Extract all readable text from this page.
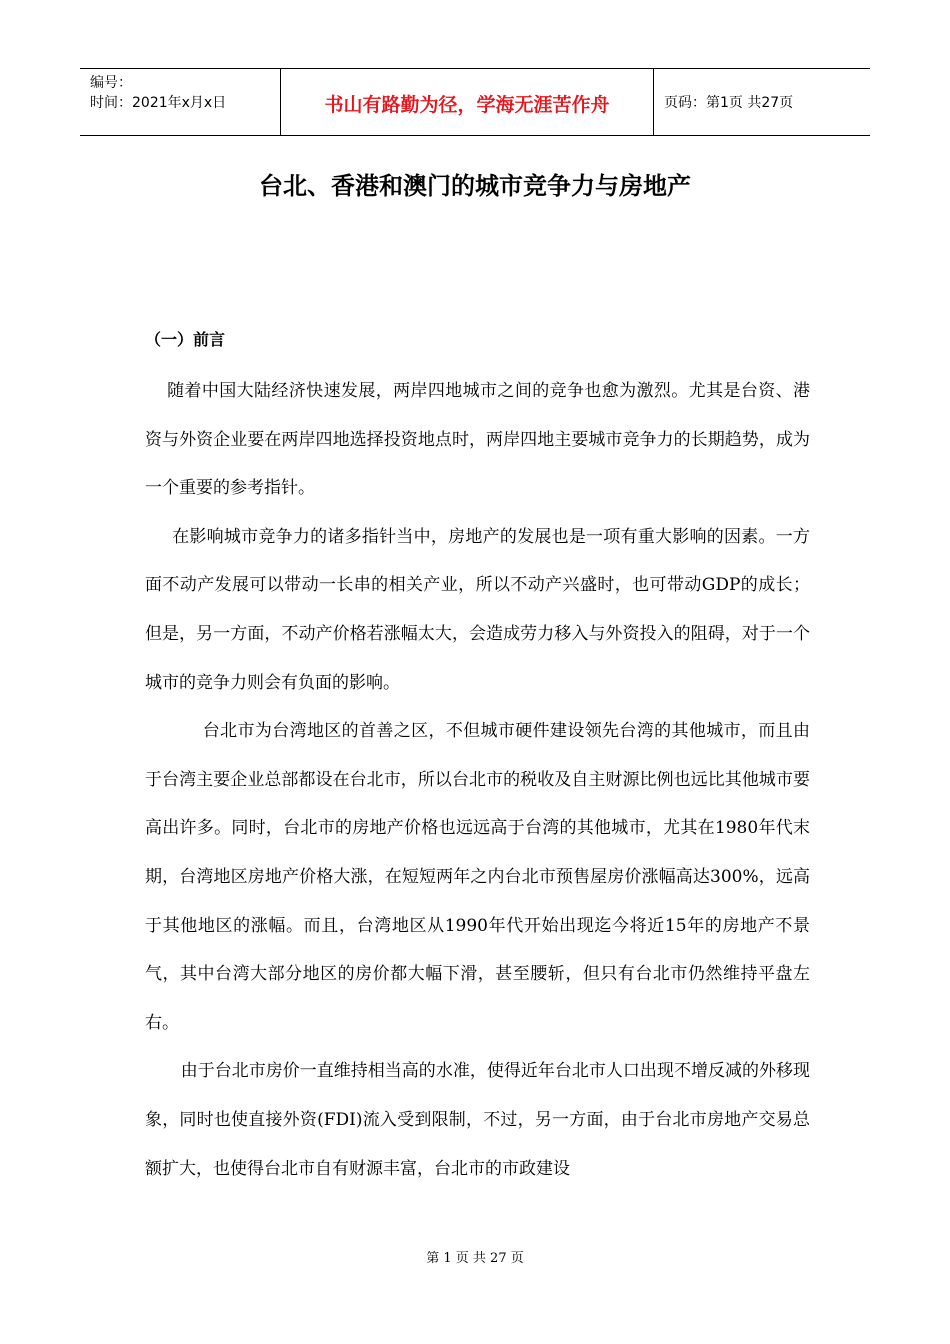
编号：
时间：2021年x月x日	书山有路勤为径，学海无涯苦作舟	页码：第1页 共27页
台北、香港和澳门的城市竞争力与房地产
（一）前言

随着中国大陆经济快速发展，两岸四地城市之间的竞争也愈为激烈。尤其是台资、港资与外资企业要在两岸四地选择投资地点时，两岸四地主要城市竞争力的长期趋势，成为一个重要的参考指针。

在影响城市竞争力的诸多指针当中，房地产的发展也是一项有重大影响的因素。一方面不动产发展可以带动一长串的相关产业，所以不动产兴盛时，也可带动GDP的成长；但是，另一方面，不动产价格若涨幅太大，会造成劳力移入与外资投入的阻碍，对于一个城市的竞争力则会有负面的影响。

台北市为台湾地区的首善之区，不但城市硬件建设领先台湾的其他城市，而且由于台湾主要企业总部都设在台北市，所以台北市的税收及自主财源比例也远比其他城市要高出许多。同时，台北市的房地产价格也远远高于台湾的其他城市，尤其在1980年代末期，台湾地区房地产价格大涨，在短短两年之内台北市预售屋房价涨幅高达300%，远高于其他地区的涨幅。而且，台湾地区从1990年代开始出现迄今将近15年的房地产不景气，其中台湾大部分地区的房价都大幅下滑，甚至腰斩，但只有台北市仍然维持平盘左右。

由于台北市房价一直维持相当高的水准，使得近年台北市人口出现不增反减的外移现象，同时也使直接外资(FDI)流入受到限制，不过，另一方面，由于台北市房地产交易总额扩大，也使得台北市自有财源丰富，台北市的市政建设

第 1 页 共 27 页
